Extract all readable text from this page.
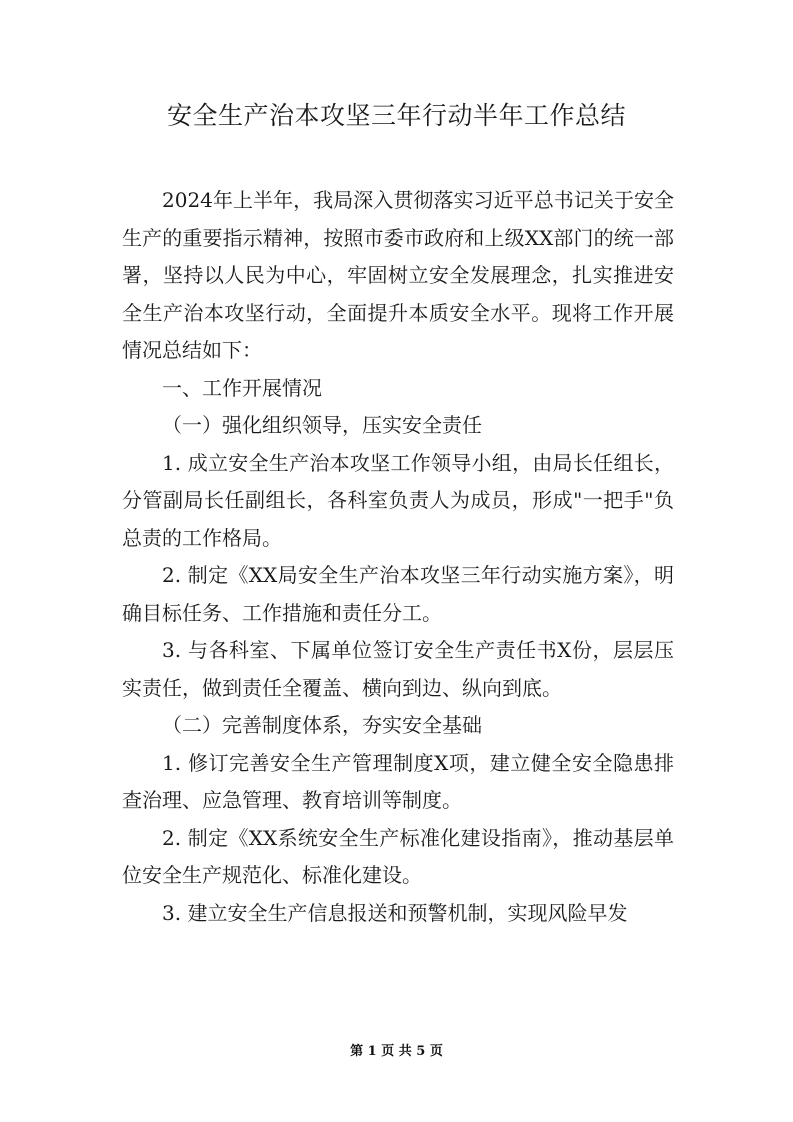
安全生产治本攻坚三年行动半年工作总结

2024年上半年，我局深入贯彻落实习近平总书记关于安全生产的重要指示精神，按照市委市政府和上级XX部门的统一部署，坚持以人民为中心，牢固树立安全发展理念，扎实推进安全生产治本攻坚行动，全面提升本质安全水平。现将工作开展情况总结如下：

一、工作开展情况

（一）强化组织领导，压实安全责任

1. 成立安全生产治本攻坚工作领导小组，由局长任组长，分管副局长任副组长，各科室负责人为成员，形成"一把手"负总责的工作格局。

2. 制定《XX局安全生产治本攻坚三年行动实施方案》，明确目标任务、工作措施和责任分工。

3. 与各科室、下属单位签订安全生产责任书X份，层层压实责任，做到责任全覆盖、横向到边、纵向到底。

（二）完善制度体系，夯实安全基础

1. 修订完善安全生产管理制度X项，建立健全安全隐患排查治理、应急管理、教育培训等制度。

2. 制定《XX系统安全生产标准化建设指南》，推动基层单位安全生产规范化、标准化建设。

3. 建立安全生产信息报送和预警机制，实现风险早发

第 1 页 共 5 页
